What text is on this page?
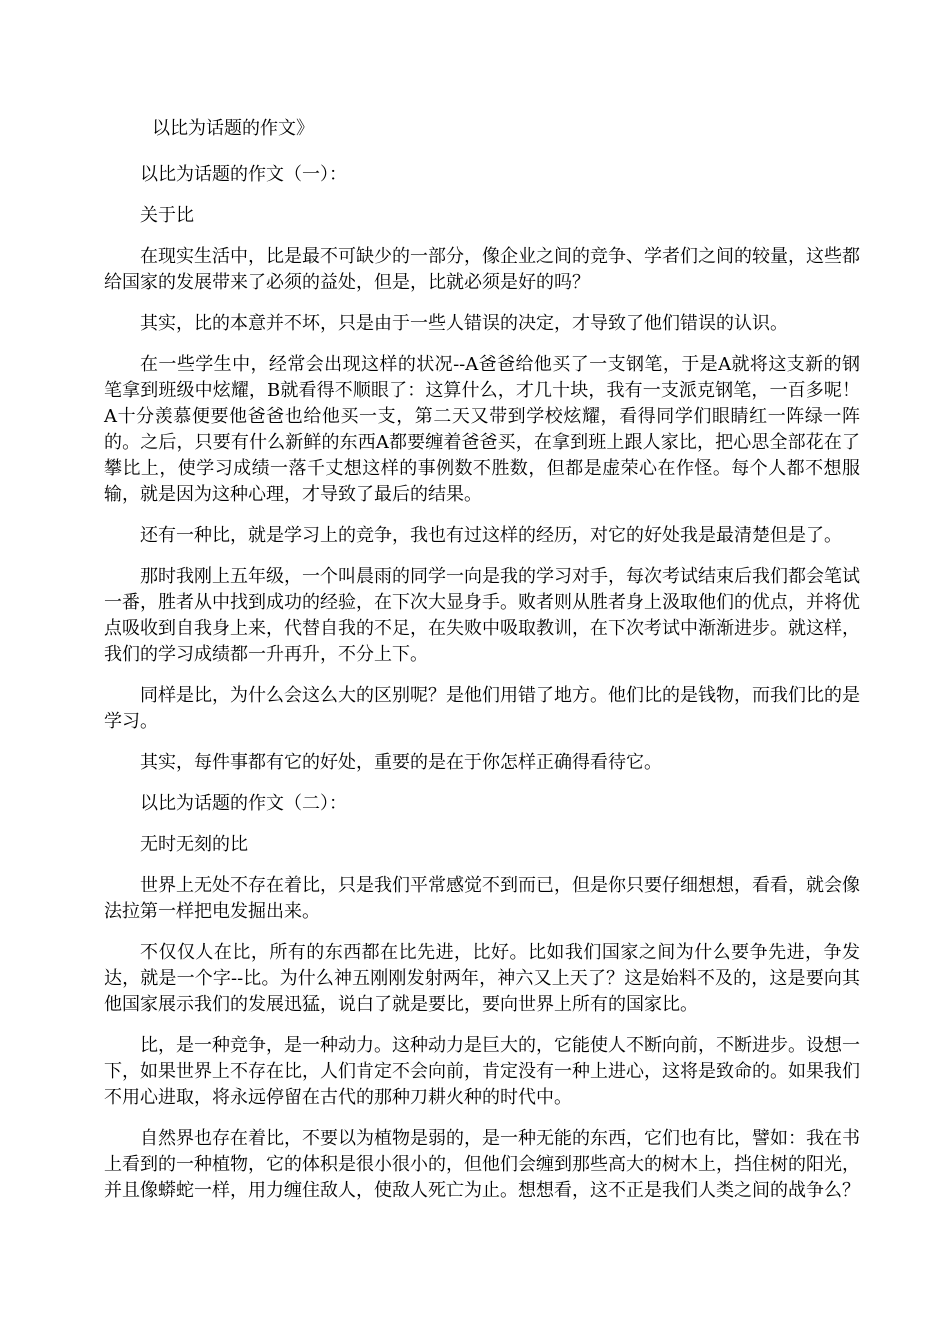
以比为话题的作文》

以比为话题的作文（一）：

关于比

在现实生活中，比是最不可缺少的一部分，像企业之间的竞争、学者们之间的较量，这些都给国家的发展带来了必须的益处，但是，比就必须是好的吗？

其实，比的本意并不坏，只是由于一些人错误的决定，才导致了他们错误的认识。

在一些学生中，经常会出现这样的状况--A爸爸给他买了一支钢笔，于是A就将这支新的钢笔拿到班级中炫耀，B就看得不顺眼了：这算什么，才几十块，我有一支派克钢笔，一百多呢！A十分羡慕便要他爸爸也给他买一支，第二天又带到学校炫耀，看得同学们眼睛红一阵绿一阵的。之后，只要有什么新鲜的东西A都要缠着爸爸买，在拿到班上跟人家比，把心思全部花在了攀比上，使学习成绩一落千丈想这样的事例数不胜数，但都是虚荣心在作怪。每个人都不想服输，就是因为这种心理，才导致了最后的结果。

还有一种比，就是学习上的竞争，我也有过这样的经历，对它的好处我是最清楚但是了。

那时我刚上五年级，一个叫晨雨的同学一向是我的学习对手，每次考试结束后我们都会笔试一番，胜者从中找到成功的经验，在下次大显身手。败者则从胜者身上汲取他们的优点，并将优点吸收到自我身上来，代替自我的不足，在失败中吸取教训，在下次考试中渐渐进步。就这样，我们的学习成绩都一升再升，不分上下。

同样是比，为什么会这么大的区别呢？是他们用错了地方。他们比的是钱物，而我们比的是学习。

其实，每件事都有它的好处，重要的是在于你怎样正确得看待它。

以比为话题的作文（二）：

无时无刻的比

世界上无处不存在着比，只是我们平常感觉不到而已，但是你只要仔细想想，看看，就会像法拉第一样把电发掘出来。

不仅仅人在比，所有的东西都在比先进，比好。比如我们国家之间为什么要争先进，争发达，就是一个字--比。为什么神五刚刚发射两年，神六又上天了？这是始料不及的，这是要向其他国家展示我们的发展迅猛，说白了就是要比，要向世界上所有的国家比。

比，是一种竞争，是一种动力。这种动力是巨大的，它能使人不断向前，不断进步。设想一下，如果世界上不存在比，人们肯定不会向前，肯定没有一种上进心，这将是致命的。如果我们不用心进取，将永远停留在古代的那种刀耕火种的时代中。

自然界也存在着比，不要以为植物是弱的，是一种无能的东西，它们也有比，譬如：我在书上看到的一种植物，它的体积是很小很小的，但他们会缠到那些高大的树木上，挡住树的阳光，并且像蟒蛇一样，用力缠住敌人，使敌人死亡为止。想想看，这不正是我们人类之间的战争么？
